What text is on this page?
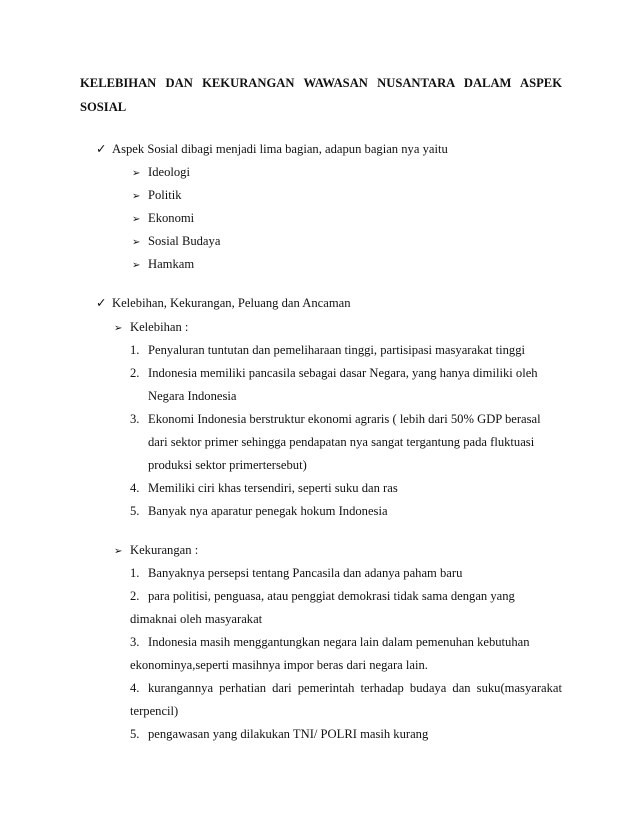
KELEBIHAN DAN KEKURANGAN WAWASAN NUSANTARA DALAM ASPEK SOSIAL
✓ Aspek Sosial dibagi menjadi lima bagian, adapun bagian nya yaitu
➢ Ideologi
➢ Politik
➢ Ekonomi
➢ Sosial Budaya
➢ Hamkam
✓ Kelebihan, Kekurangan, Peluang dan Ancaman
➢ Kelebihan :
1. Penyaluran tuntutan dan pemeliharaan tinggi, partisipasi masyarakat tinggi
2. Indonesia memiliki pancasila sebagai dasar Negara, yang hanya dimiliki oleh
Negara Indonesia
3. Ekonomi Indonesia berstruktur ekonomi agraris ( lebih dari 50% GDP berasal
dari sektor primer sehingga pendapatan nya sangat tergantung pada fluktuasi
produksi sektor primertersebut)
4. Memiliki ciri khas tersendiri, seperti suku dan ras
5. Banyak nya aparatur penegak hokum Indonesia
➢ Kekurangan :
1. Banyaknya persepsi tentang Pancasila dan adanya paham baru
2. para politisi, penguasa, atau penggiat demokrasi tidak sama dengan yang
dimaknai oleh masyarakat
3. Indonesia masih menggantungkan negara lain dalam pemenuhan kebutuhan
ekonominya,seperti masihnya impor beras dari negara lain.
4. kurangannya perhatian dari pemerintah terhadap budaya dan suku(masyarakat
terpencil)
5. pengawasan yang dilakukan TNI/ POLRI masih kurang
